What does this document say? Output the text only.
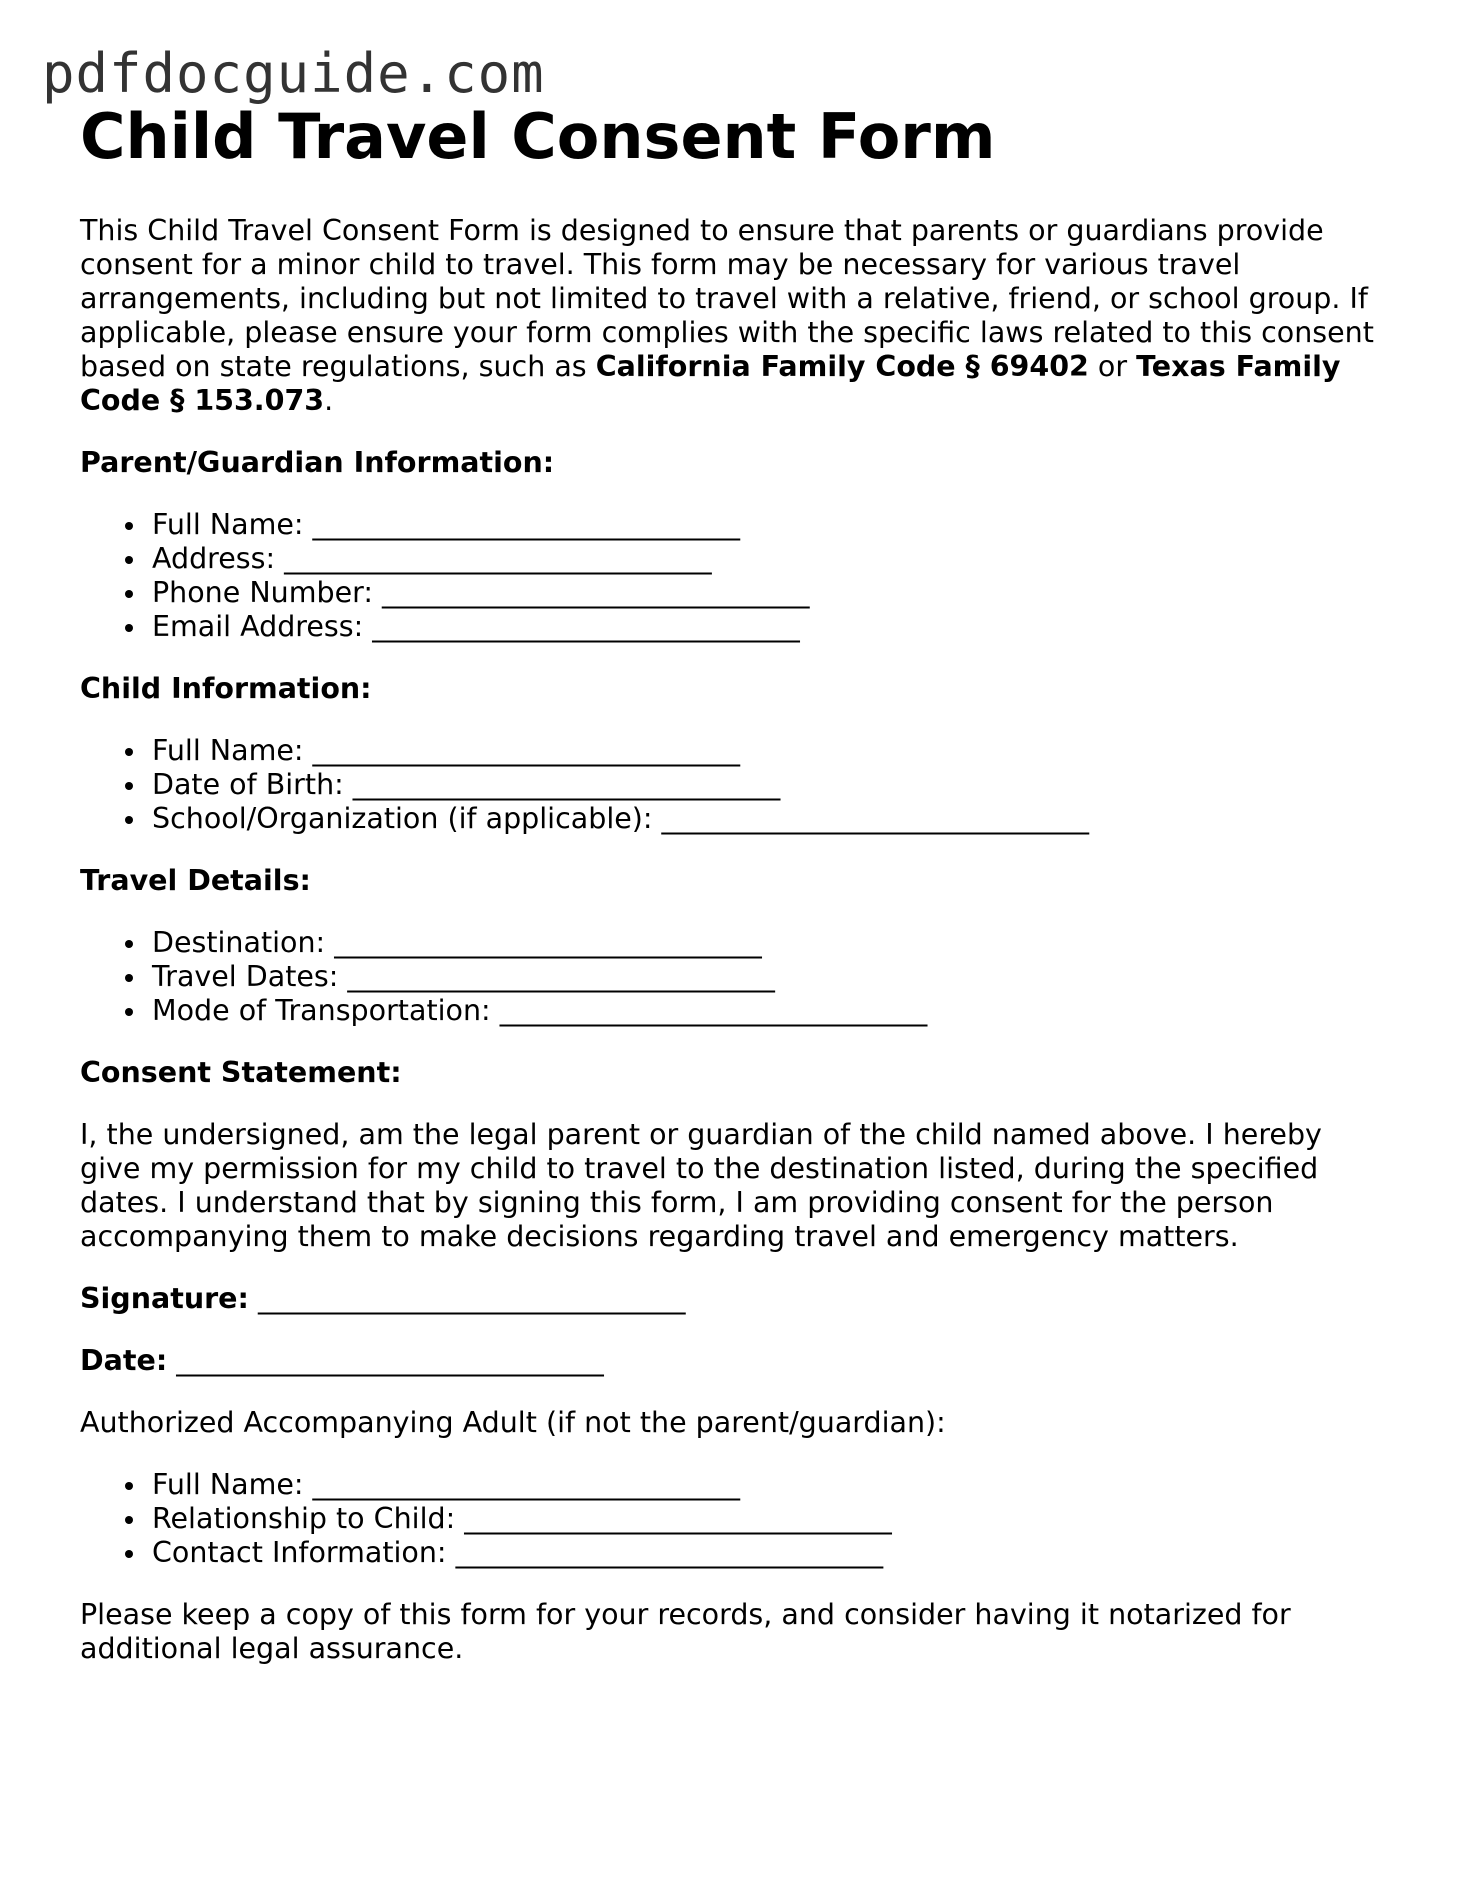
pdfdocguide.com
Child Travel Consent Form

This Child Travel Consent Form is designed to ensure that parents or guardians provide consent for a minor child to travel. This form may be necessary for various travel arrangements, including but not limited to travel with a relative, friend, or school group. If applicable, please ensure your form complies with the specific laws related to this consent based on state regulations, such as California Family Code § 69402 or Texas Family Code § 153.073.

Parent/Guardian Information:

Full Name: ______________________________
Address: ______________________________
Phone Number: ______________________________
Email Address: ______________________________

Child Information:

Full Name: ______________________________
Date of Birth: ______________________________
School/Organization (if applicable): ______________________________

Travel Details:

Destination: ______________________________
Travel Dates: ______________________________
Mode of Transportation: ______________________________

Consent Statement:

I, the undersigned, am the legal parent or guardian of the child named above. I hereby give my permission for my child to travel to the destination listed, during the specified dates. I understand that by signing this form, I am providing consent for the person accompanying them to make decisions regarding travel and emergency matters.

Signature: ______________________________

Date: ______________________________

Authorized Accompanying Adult (if not the parent/guardian):

Full Name: ______________________________
Relationship to Child: ______________________________
Contact Information: ______________________________

Please keep a copy of this form for your records, and consider having it notarized for additional legal assurance.
